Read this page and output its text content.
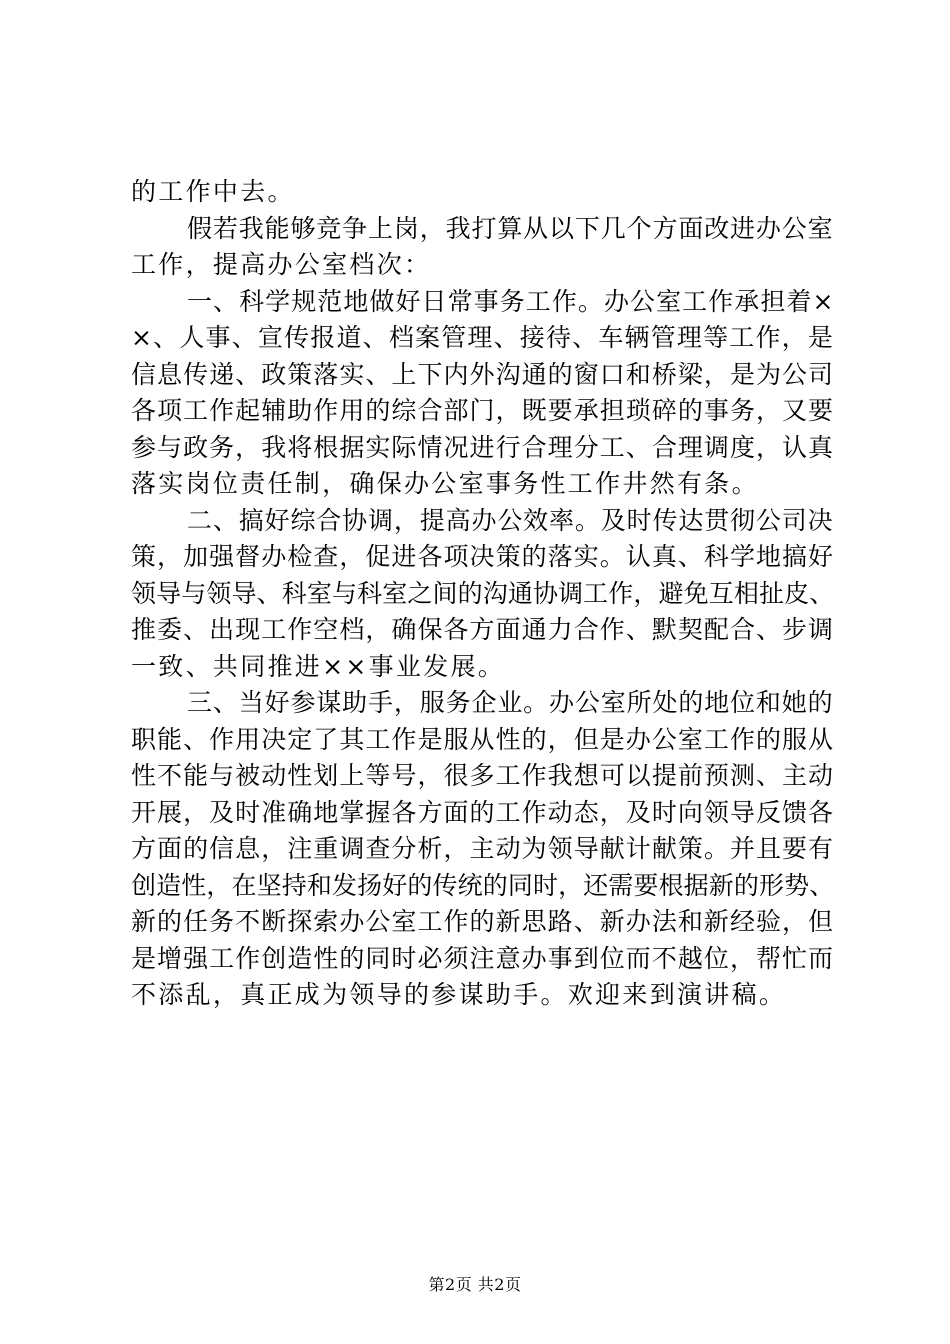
的工作中去。
假若我能够竞争上岗，我打算从以下几个方面改进办公室
工作，提高办公室档次：
一、科学规范地做好日常事务工作。办公室工作承担着×
×、人事、宣传报道、档案管理、接待、车辆管理等工作，是
信息传递、政策落实、上下内外沟通的窗口和桥梁，是为公司
各项工作起辅助作用的综合部门，既要承担琐碎的事务，又要
参与政务，我将根据实际情况进行合理分工、合理调度，认真
落实岗位责任制，确保办公室事务性工作井然有条。
二、搞好综合协调，提高办公效率。及时传达贯彻公司决
策，加强督办检查，促进各项决策的落实。认真、科学地搞好
领导与领导、科室与科室之间的沟通协调工作，避免互相扯皮、
推委、出现工作空档，确保各方面通力合作、默契配合、步调
一致、共同推进××事业发展。
三、当好参谋助手，服务企业。办公室所处的地位和她的
职能、作用决定了其工作是服从性的，但是办公室工作的服从
性不能与被动性划上等号，很多工作我想可以提前预测、主动
开展，及时准确地掌握各方面的工作动态，及时向领导反馈各
方面的信息，注重调查分析，主动为领导献计献策。并且要有
创造性，在坚持和发扬好的传统的同时，还需要根据新的形势、
新的任务不断探索办公室工作的新思路、新办法和新经验，但
是增强工作创造性的同时必须注意办事到位而不越位，帮忙而
不添乱，真正成为领导的参谋助手。欢迎来到演讲稿。
第2页 共2页
